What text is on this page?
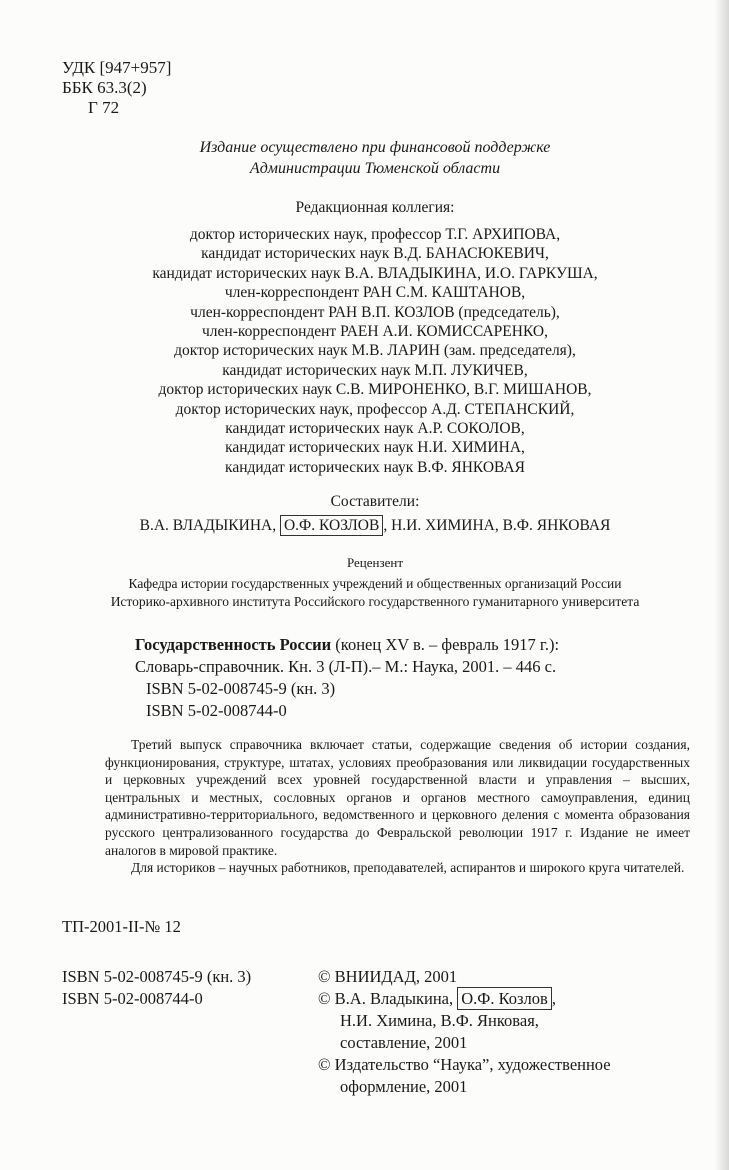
УДК [947+957]
ББК 63.3(2)
Г 72
Издание осуществлено при финансовой поддержке
Администрации Тюменской области
Редакционная коллегия:
доктор исторических наук, профессор Т.Г. АРХИПОВА,
кандидат исторических наук В.Д. БАНАСЮКЕВИЧ,
кандидат исторических наук В.А. ВЛАДЫКИНА, И.О. ГАРКУША,
член-корреспондент РАН С.М. КАШТАНОВ,
член-корреспондент РАН В.П. КОЗЛОВ (председатель),
член-корреспондент РАЕН А.И. КОМИССАРЕНКО,
доктор исторических наук М.В. ЛАРИН (зам. председателя),
кандидат исторических наук М.П. ЛУКИЧЕВ,
доктор исторических наук С.В. МИРОНЕНКО, В.Г. МИШАНОВ,
доктор исторических наук, профессор А.Д. СТЕПАНСКИЙ,
кандидат исторических наук А.Р. СОКОЛОВ,
кандидат исторических наук Н.И. ХИМИНА,
кандидат исторических наук В.Ф. ЯНКОВАЯ
Составители:
В.А. ВЛАДЫКИНА, О.Ф. КОЗЛОВ , Н.И. ХИМИНА, В.Ф. ЯНКОВАЯ
Рецензент
Кафедра истории государственных учреждений и общественных организаций России
Историко-архивного института Российского государственного гуманитарного университета
Государственность России (конец XV в. – февраль 1917 г.):
Словарь-справочник. Кн. 3 (Л-П).– М.: Наука, 2001. – 446 с.
ISBN 5-02-008745-9 (кн. 3)
ISBN 5-02-008744-0

Третий выпуск справочника включает статьи, содержащие сведения об истории создания, функционирования, структуре, штатах, условиях преобразования или ликвидации государственных и церковных учреждений всех уровней государственной власти и управления – высших, центральных и местных, сословных органов и органов местного самоуправления, единиц административно-территориального, ведомственного и церковного деления с момента образования русского централизованного государства до Февральской революции 1917 г. Издание не имеет аналогов в мировой практике.

Для историков – научных работников, преподавателей, аспирантов и широкого круга читателей.

ТП-2001-II-№ 12
ISBN 5-02-008745-9 (кн. 3)
ISBN 5-02-008744-0
© ВНИИДАД, 2001
© В.А. Владыкина, О.Ф. Козлов ,
Н.И. Химина, В.Ф. Янковая,
составление, 2001
© Издательство “Наука”, художественное
оформление, 2001
